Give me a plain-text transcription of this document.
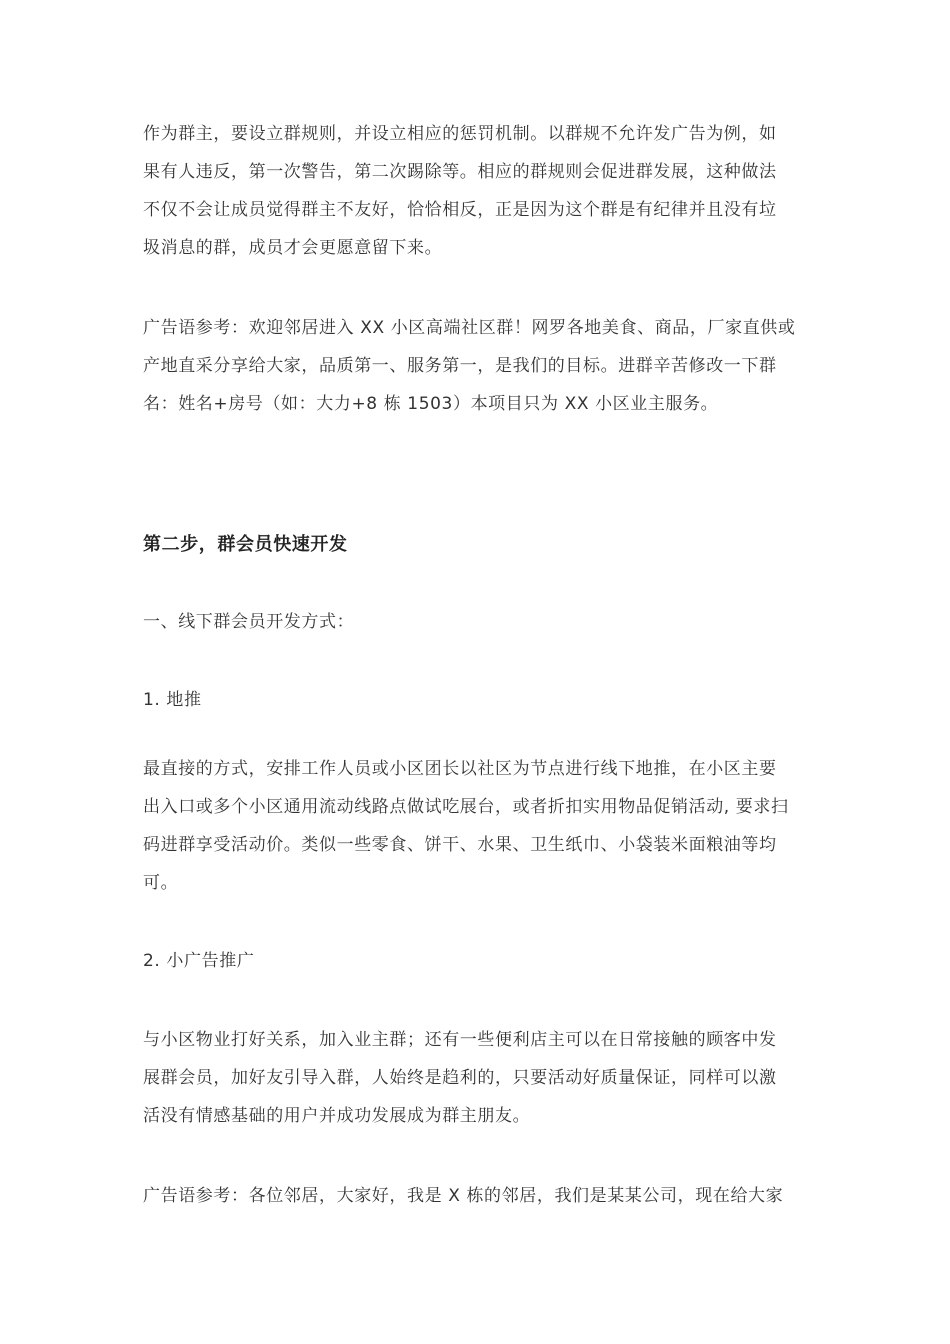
作为群主，要设立群规则，并设立相应的惩罚机制。以群规不允许发广告为例，如
果有人违反，第一次警告，第二次踢除等。相应的群规则会促进群发展，这种做法
不仅不会让成员觉得群主不友好，恰恰相反，正是因为这个群是有纪律并且没有垃
圾消息的群，成员才会更愿意留下来。
广告语参考：欢迎邻居进入 XX 小区高端社区群！网罗各地美食、商品，厂家直供或
产地直采分享给大家，品质第一、服务第一，是我们的目标。进群辛苦修改一下群
名：姓名+房号（如：大力+8 栋 1503）本项目只为 XX 小区业主服务。
第二步，群会员快速开发
一、线下群会员开发方式：
1. 地推
最直接的方式，安排工作人员或小区团长以社区为节点进行线下地推，在小区主要
出入口或多个小区通用流动线路点做试吃展台，或者折扣实用物品促销活动, 要求扫
码进群享受活动价。类似一些零食、饼干、水果、卫生纸巾、小袋装米面粮油等均
可。
2. 小广告推广
与小区物业打好关系，加入业主群；还有一些便利店主可以在日常接触的顾客中发
展群会员，加好友引导入群，人始终是趋利的，只要活动好质量保证，同样可以激
活没有情感基础的用户并成功发展成为群主朋友。
广告语参考：各位邻居，大家好，我是 X 栋的邻居，我们是某某公司，现在给大家
